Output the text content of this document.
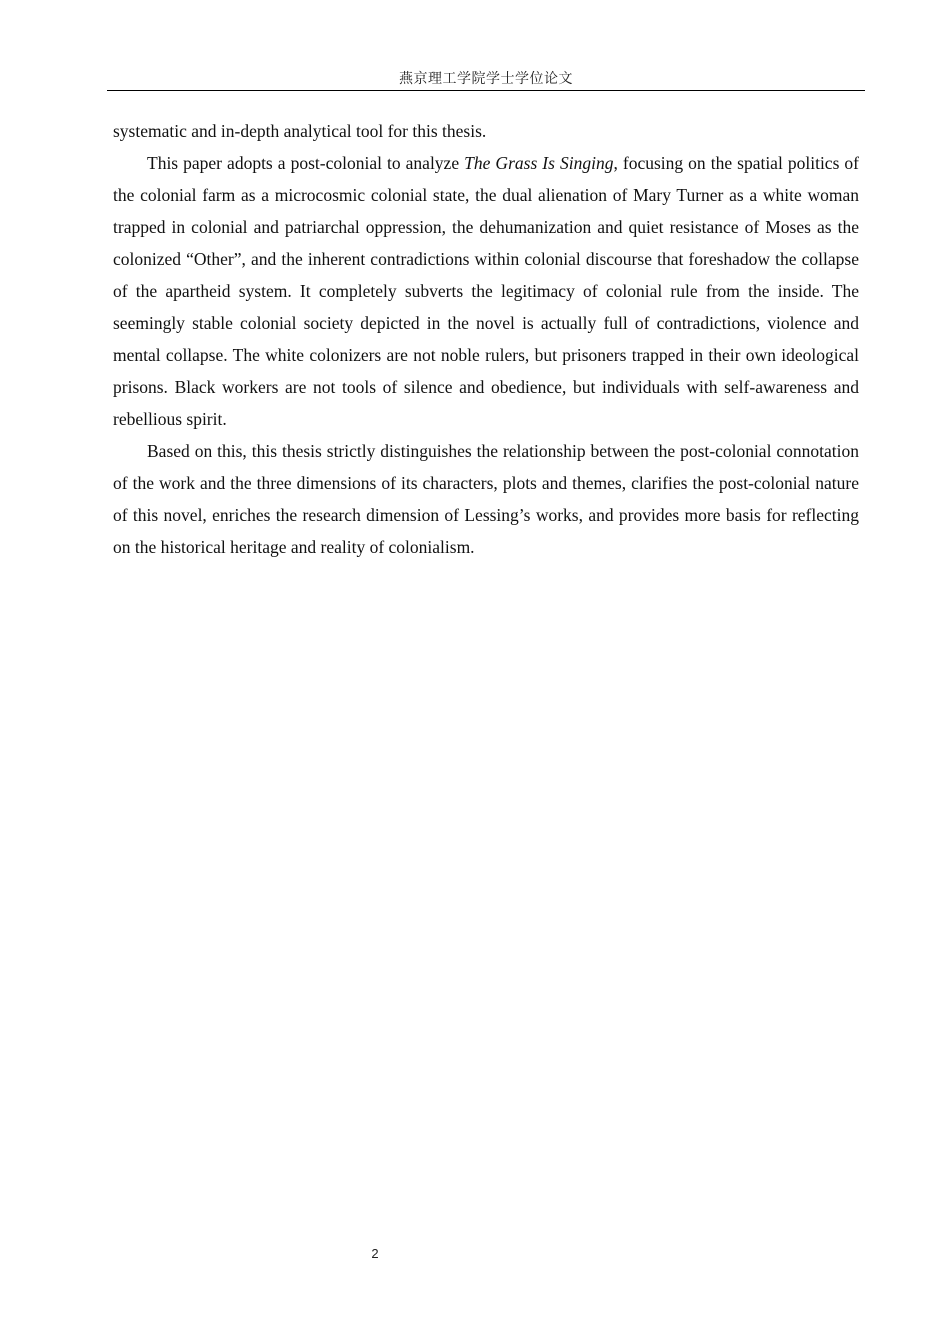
燕京理工学院学士学位论文

systematic and in-depth analytical tool for this thesis.

This paper adopts a post-colonial to analyze The Grass Is Singing, focusing on the spatial politics of the colonial farm as a microcosmic colonial state, the dual alienation of Mary Turner as a white woman trapped in colonial and patriarchal oppression, the dehumanization and quiet resistance of Moses as the colonized “Other”, and the inherent contradictions within colonial discourse that foreshadow the collapse of the apartheid system. It completely subverts the legitimacy of colonial rule from the inside. The seemingly stable colonial society depicted in the novel is actually full of contradictions, violence and mental collapse. The white colonizers are not noble rulers, but prisoners trapped in their own ideological prisons. Black workers are not tools of silence and obedience, but individuals with self-awareness and rebellious spirit.

Based on this, this thesis strictly distinguishes the relationship between the post-colonial connotation of the work and the three dimensions of its characters, plots and themes, clarifies the post-colonial nature of this novel, enriches the research dimension of Lessing’s works, and provides more basis for reflecting on the historical heritage and reality of colonialism.

2
